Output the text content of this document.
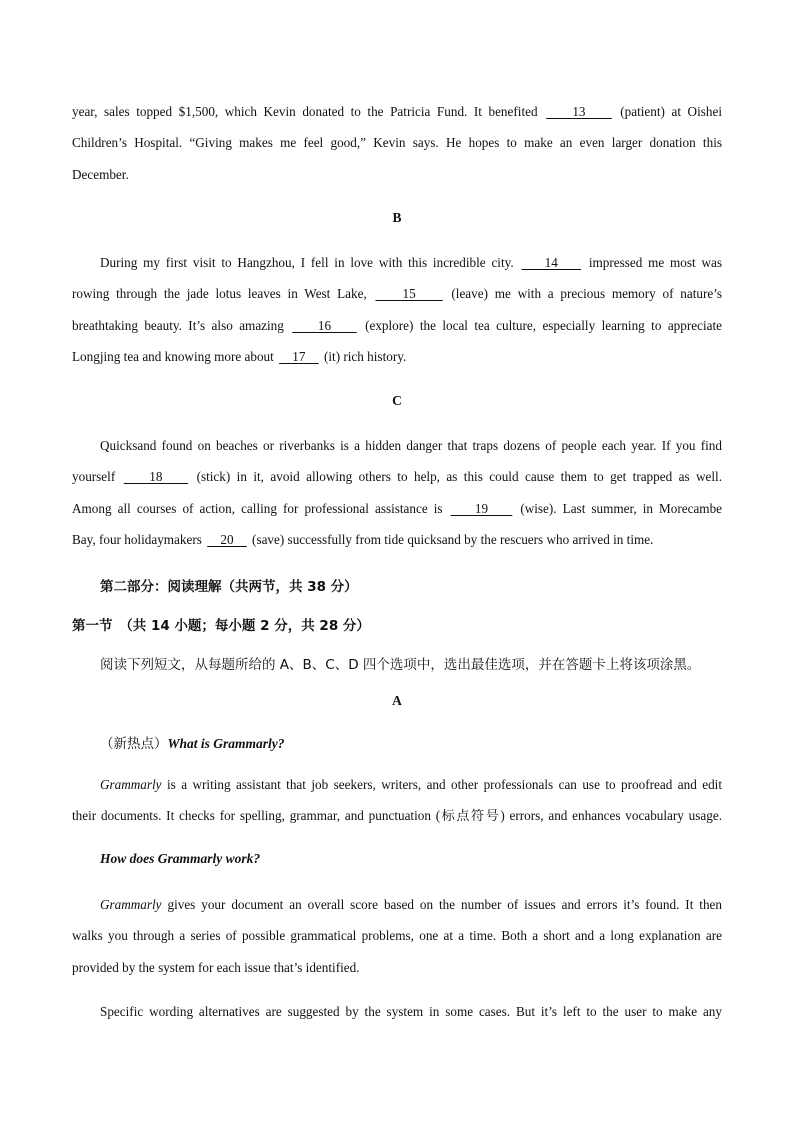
year, sales topped $1,500, which Kevin donated to the Patricia Fund. It benefited     13     (patient) at Oishei
Children’s Hospital. “Giving makes me feel good,” Kevin says. He hopes to make an even larger donation this
December.

B

During my first visit to Hangzhou, I fell in love with this incredible city.     14     impressed me most was
rowing through the jade lotus leaves in West Lake,     15     (leave) me with a precious memory of nature’s
breathtaking beauty. It’s also amazing     16     (explore) the local tea culture, especially learning to appreciate
Longjing tea and knowing more about     17     (it) rich history.

C

Quicksand found on beaches or riverbanks is a hidden danger that traps dozens of people each year. If you find
yourself     18     (stick) in it, avoid allowing others to help, as this could cause them to get trapped as well.
Among all courses of action, calling for professional assistance is     19     (wise). Last summer, in Morecambe
Bay, four holidaymakers     20     (save) successfully from tide quicksand by the rescuers who arrived in time.

第二部分：阅读理解（共两节，共 38 分）

第一节　（共 14 小题；每小题 2 分，共 28 分）

阅读下列短文，从每题所给的 A、B、C、D 四个选项中，选出最佳选项，并在答题卡上将该项涂黑。

A

（新热点）What is Grammarly?

Grammarly is a writing assistant that job seekers, writers, and other professionals can use to proofread and edit
their documents. It checks for spelling, grammar, and punctuation (标点符号) errors, and enhances vocabulary usage.

How does Grammarly work?

Grammarly gives your document an overall score based on the number of issues and errors it’s found. It then
walks you through a series of possible grammatical problems, one at a time. Both a short and a long explanation are
provided by the system for each issue that’s identified.
Specific wording alternatives are suggested by the system in some cases. But it’s left to the user to make any
